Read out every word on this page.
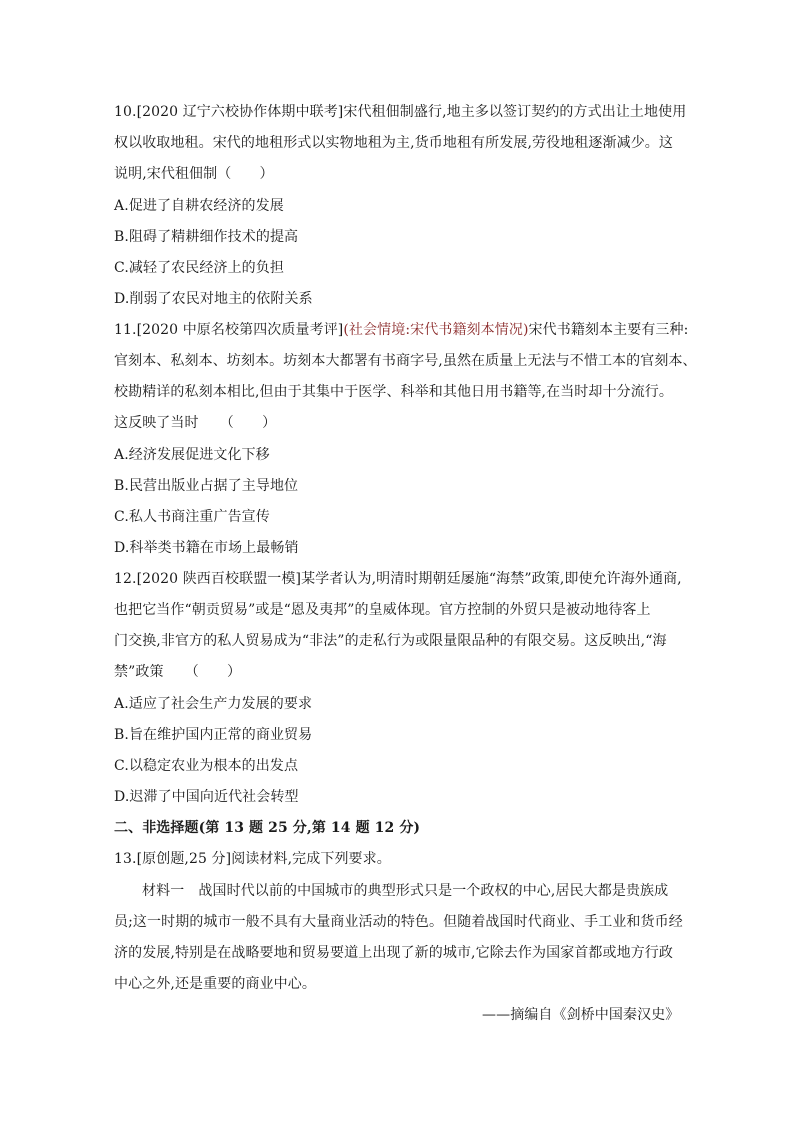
10.[2020 辽宁六校协作体期中联考]宋代租佃制盛行,地主多以签订契约的方式出让土地使用
权以收取地租。宋代的地租形式以实物地租为主,货币地租有所发展,劳役地租逐渐减少。这
说明,宋代租佃制（　　）
A.促进了自耕农经济的发展
B.阻碍了精耕细作技术的提高
C.减轻了农民经济上的负担
D.削弱了农民对地主的依附关系
11.[2020 中原名校第四次质量考评](社会情境:宋代书籍刻本情况)宋代书籍刻本主要有三种:
官刻本、私刻本、坊刻本。坊刻本大都署有书商字号,虽然在质量上无法与不惜工本的官刻本、
校勘精详的私刻本相比,但由于其集中于医学、科举和其他日用书籍等,在当时却十分流行。
这反映了当时　　（　　）
A.经济发展促进文化下移
B.民营出版业占据了主导地位
C.私人书商注重广告宣传
D.科举类书籍在市场上最畅销
12.[2020 陕西百校联盟一模]某学者认为,明清时期朝廷屡施“海禁”政策,即使允许海外通商,
也把它当作“朝贡贸易”或是“恩及夷邦”的皇威体现。官方控制的外贸只是被动地待客上
门交换,非官方的私人贸易成为“非法”的走私行为或限量限品种的有限交易。这反映出,“海
禁”政策　　（　　）
A.适应了社会生产力发展的要求
B.旨在维护国内正常的商业贸易
C.以稳定农业为根本的出发点
D.迟滞了中国向近代社会转型
二、非选择题(第 13 题 25 分,第 14 题 12 分)
13.[原创题,25 分]阅读材料,完成下列要求。
材料一　战国时代以前的中国城市的典型形式只是一个政权的中心,居民大都是贵族成
员;这一时期的城市一般不具有大量商业活动的特色。但随着战国时代商业、手工业和货币经
济的发展,特别是在战略要地和贸易要道上出现了新的城市,它除去作为国家首都或地方行政
中心之外,还是重要的商业中心。
——摘编自《剑桥中国秦汉史》
